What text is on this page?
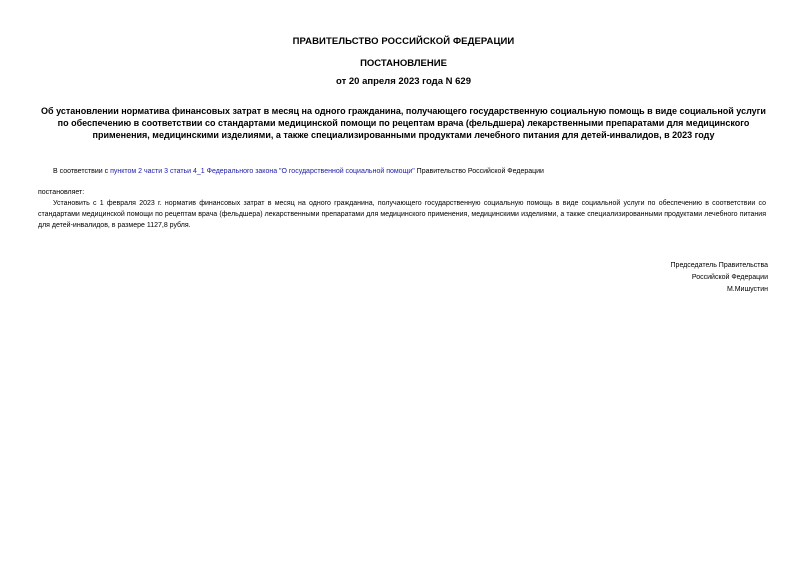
ПРАВИТЕЛЬСТВО РОССИЙСКОЙ ФЕДЕРАЦИИ
ПОСТАНОВЛЕНИЕ
от 20 апреля 2023 года N 629
Об установлении норматива финансовых затрат в месяц на одного гражданина, получающего государственную социальную помощь в виде социальной услуги по обеспечению в соответствии со стандартами медицинской помощи по рецептам врача (фельдшера) лекарственными препаратами для медицинского применения, медицинскими изделиями, а также специализированными продуктами лечебного питания для детей-инвалидов, в 2023 году
В соответствии с пунктом 2 части 3 статьи 4_1 Федерального закона "О государственной социальной помощи" Правительство Российской Федерации
постановляет:
Установить с 1 февраля 2023 г. норматив финансовых затрат в месяц на одного гражданина, получающего государственную социальную помощь в виде социальной услуги по обеспечению в соответствии со стандартами медицинской помощи по рецептам врача (фельдшера) лекарственными препаратами для медицинского применения, медицинскими изделиями, а также специализированными продуктами лечебного питания для детей-инвалидов, в размере 1127,8 рубля.
Председатель Правительства
Российской Федерации
М.Мишустин
